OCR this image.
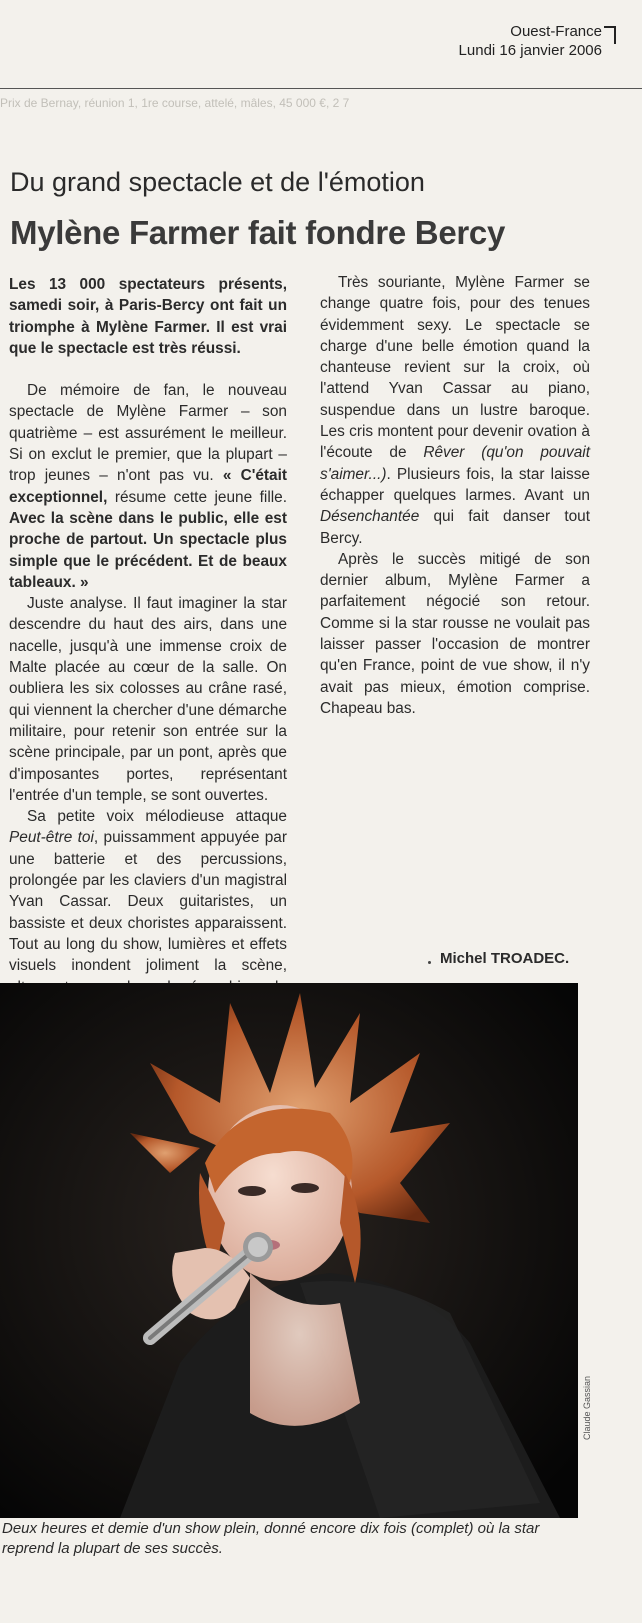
Ouest-France
Lundi 16 janvier 2006
Prix de Bernay, réunion 1, 1re course, attelé, mâles, 45 000 €, 2 7
Du grand spectacle et de l'émotion
Mylène Farmer fait fondre Bercy

Les 13 000 spectateurs présents, samedi soir, à Paris-Bercy ont fait un triomphe à Mylène Farmer. Il est vrai que le spectacle est très réussi.

De mémoire de fan, le nouveau spectacle de Mylène Farmer – son quatrième – est assurément le meilleur. Si on exclut le premier, que la plupart – trop jeunes – n'ont pas vu. « C'était exceptionnel, résume cette jeune fille. Avec la scène dans le public, elle est proche de partout. Un spectacle plus simple que le précédent. Et de beaux tableaux. »

Juste analyse. Il faut imaginer la star descendre du haut des airs, dans une nacelle, jusqu'à une immense croix de Malte placée au cœur de la salle. On oubliera les six colosses au crâne rasé, qui viennent la chercher d'une démarche militaire, pour retenir son entrée sur la scène principale, par un pont, après que d'imposantes portes, représentant l'entrée d'un temple, se sont ouvertes.

Sa petite voix mélodieuse attaque Peut-être toi, puissamment appuyée par une batterie et des percussions, prolongée par les claviers d'un magistral Yvan Cassar. Deux guitaristes, un bassiste et deux choristes apparaissent. Tout au long du show, lumières et effets visuels inondent joliment la scène,

Très souriante, Mylène Farmer se change quatre fois, pour des tenues évidemment sexy. Le spectacle se charge d'une belle émotion quand la chanteuse revient sur la croix, où l'attend Yvan Cassar au piano, suspendue dans un lustre baroque. Les cris montent pour devenir ovation à l'écoute de Rêver (qu'on pouvait s'aimer...). Plusieurs fois, la star laisse échapper quelques larmes. Avant un Désenchantée qui fait danser tout Bercy.

Après le succès mitigé de son dernier album, Mylène Farmer a parfaitement négocié son retour. Comme si la star rousse ne voulait pas laisser passer l'occasion de montrer qu'en France, point de vue show, il n'y avait pas mieux, émotion comprise. Chapeau bas.

Michel TROADEC.
Claude Gassian
Deux heures et demie d'un show plein, donné encore dix fois (complet) où la star reprend la plupart de ses succès.
